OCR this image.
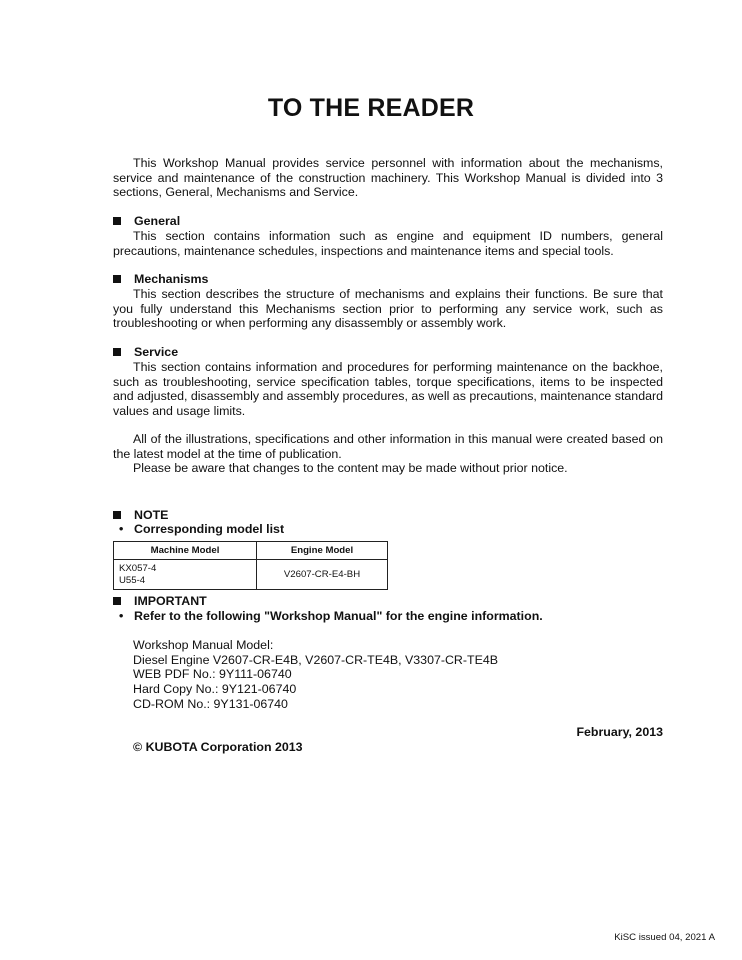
TO THE READER

This Workshop Manual provides service personnel with information about the mechanisms, service and maintenance of the construction machinery. This Workshop Manual is divided into 3 sections, General, Mechanisms and Service.

General

This section contains information such as engine and equipment ID numbers, general precautions, maintenance schedules, inspections and maintenance items and special tools.

Mechanisms

This section describes the structure of mechanisms and explains their functions. Be sure that you fully understand this Mechanisms section prior to performing any service work, such as troubleshooting or when performing any disassembly or assembly work.

Service

This section contains information and procedures for performing maintenance on the backhoe, such as troubleshooting, service specification tables, torque specifications, items to be inspected and adjusted, disassembly and assembly procedures, as well as precautions, maintenance standard values and usage limits.

All of the illustrations, specifications and other information in this manual were created based on the latest model at the time of publication.

Please be aware that changes to the content may be made without prior notice.

NOTE

• Corresponding model list

Machine Model	Engine Model
KX057-4
U55-4	V2607-CR-E4-BH

IMPORTANT

• Refer to the following "Workshop Manual" for the engine information.

Workshop Manual Model:
Diesel Engine V2607-CR-E4B, V2607-CR-TE4B, V3307-CR-TE4B
WEB PDF No.: 9Y111-06740
Hard Copy No.: 9Y121-06740
CD-ROM No.: 9Y131-06740

February, 2013

© KUBOTA Corporation 2013

KiSC issued 04, 2021 A
